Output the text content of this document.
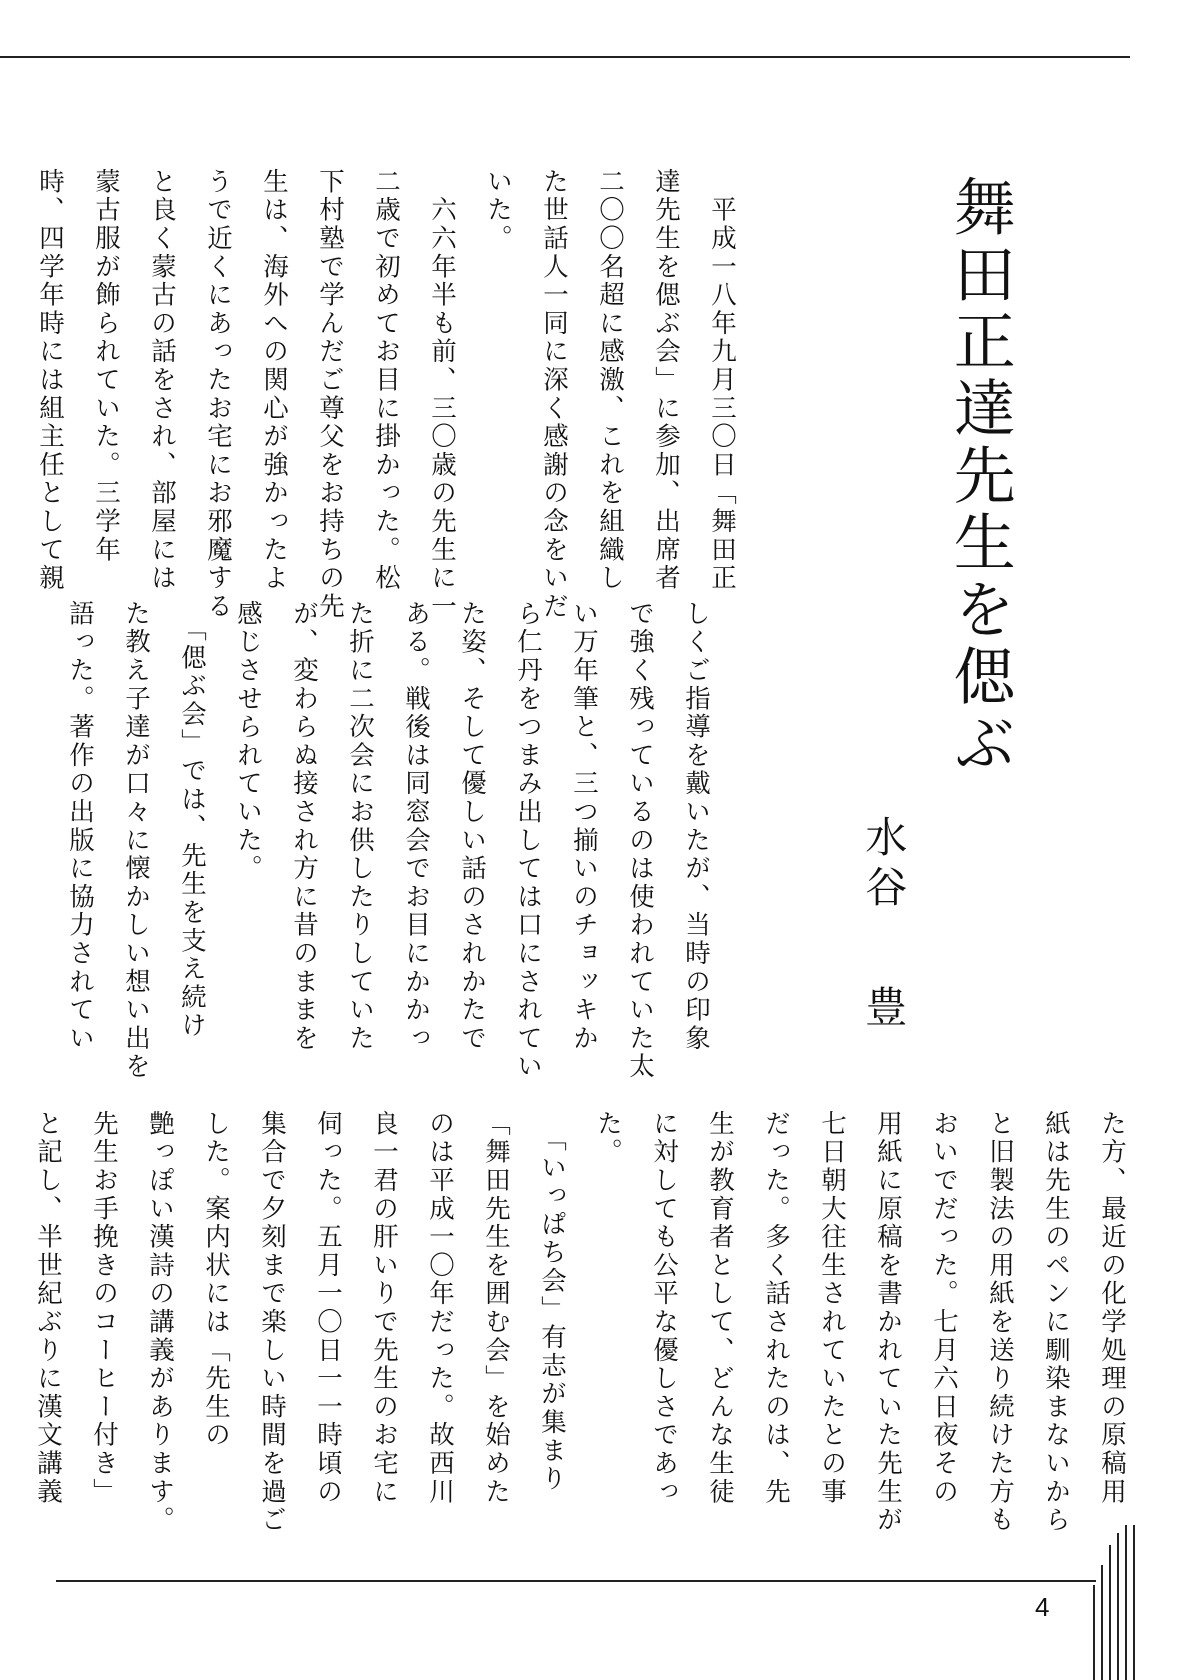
舞田正達先生を偲ぶ
水谷豊

　平成一八年九月三〇日「舞田正

達先生を偲ぶ会」に参加、出席者

二〇〇名超に感激、これを組織し

た世話人一同に深く感謝の念をいだ

いた。

　六六年半も前、三〇歳の先生に一

二歳で初めてお目に掛かった。松

下村塾で学んだご尊父をお持ちの先

生は、海外への関心が強かったよ

うで近くにあったお宅にお邪魔する

と良く蒙古の話をされ、部屋には

蒙古服が飾られていた。三学年

時、四学年時には組主任として親

しくご指導を戴いたが、当時の印象

で強く残っているのは使われていた太

い万年筆と、三つ揃いのチョッキか

ら仁丹をつまみ出しては口にされてい

た姿、そして優しい話のされかたで

ある。戦後は同窓会でお目にかかっ

た折に二次会にお供したりしていた

が、変わらぬ接され方に昔のままを

感じさせられていた。

　「偲ぶ会」では、先生を支え続け

た教え子達が口々に懐かしい想い出を

語った。著作の出版に協力されてい

た方、最近の化学処理の原稿用

紙は先生のペンに馴染まないから

と旧製法の用紙を送り続けた方も

おいでだった。七月六日夜その

用紙に原稿を書かれていた先生が

七日朝大往生されていたとの事

だった。多く話されたのは、先

生が教育者として、どんな生徒

に対しても公平な優しさであっ

た。

　「いっぱち会」有志が集まり

「舞田先生を囲む会」を始めた

のは平成一〇年だった。故西川

良一君の肝いりで先生のお宅に

伺った。五月一〇日一一時頃の

集合で夕刻まで楽しい時間を過ご

した。案内状には「先生の

艶っぽい漢詩の講義があります。

先生お手挽きのコーヒー付き」

と記し、半世紀ぶりに漢文講義

4
